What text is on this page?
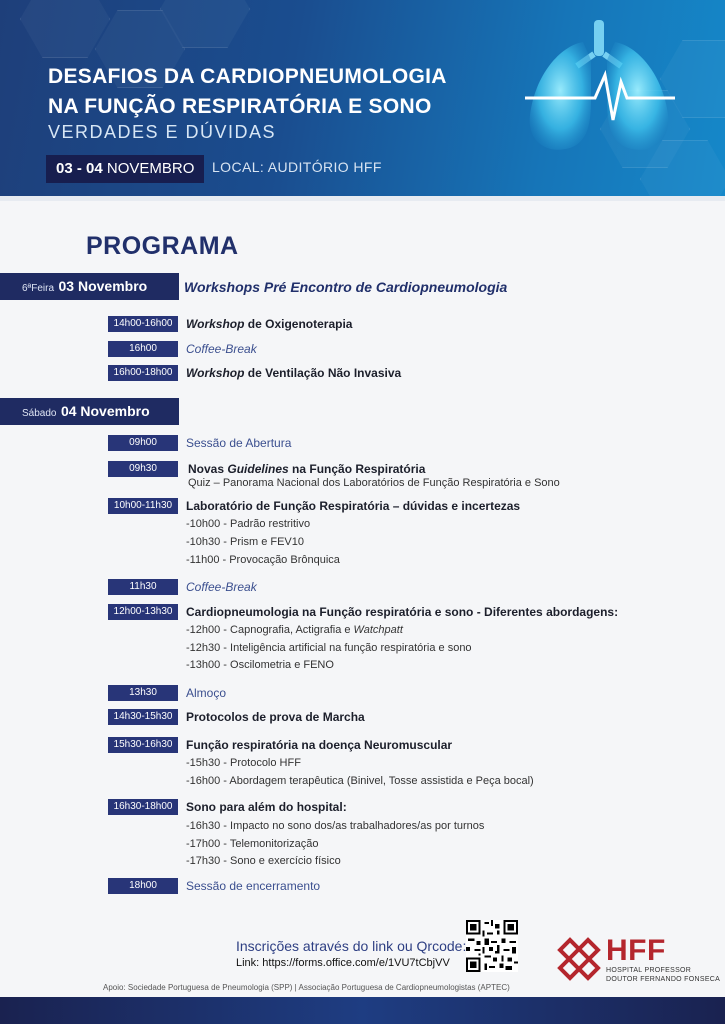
DESAFIOS DA CARDIOPNEUMOLOGIA
NA FUNÇÃO RESPIRATÓRIA E SONO
VERDADES E DÚVIDAS
03 - 04 NOVEMBRO	LOCAL: AUDITÓRIO HFF
PROGRAMA
6ªFeira 03 Novembro	Workshops Pré Encontro de Cardiopneumologia
14h00-16h00	Workshop de Oxigenoterapia
16h00	Coffee-Break
16h00-18h00	Workshop de Ventilação Não Invasiva
Sábado 04 Novembro
09h00	Sessão de Abertura
09h30	Novas Guidelines na Função Respiratória
Quiz – Panorama Nacional dos Laboratórios de Função Respiratória e Sono
10h00-11h30	Laboratório de Função Respiratória – dúvidas e incertezas
-10h00 - Padrão restritivo
-10h30 - Prism e FEV10
-11h00 - Provocação Brônquica
11h30	Coffee-Break
12h00-13h30	Cardiopneumologia na Função respiratória e sono - Diferentes abordagens:
-12h00 - Capnografia, Actigrafia e Watchpatt
-12h30 - Inteligência artificial na função respiratória e sono
-13h00 - Oscilometria e FENO
13h30	Almoço
14h30-15h30	Protocolos de prova de Marcha
15h30-16h30	Função respiratória na doença Neuromuscular
-15h30 - Protocolo HFF
-16h00 - Abordagem terapêutica (Binivel, Tosse assistida e Peça bocal)
16h30-18h00	Sono para além do hospital:
-16h30 - Impacto no sono dos/as trabalhadores/as por turnos
-17h00 - Telemonitorização
-17h30 - Sono e exercício físico
18h00	Sessão de encerramento
Inscrições através do link ou Qrcode:
Link: https://forms.office.com/e/1VU7tCbjVV	HFF
HOSPITAL PROFESSOR
DOUTOR FERNANDO FONSECA
Apoio: Sociedade Portuguesa de Pneumologia (SPP) | Associação Portuguesa de Cardiopneumologistas (APTEC)
